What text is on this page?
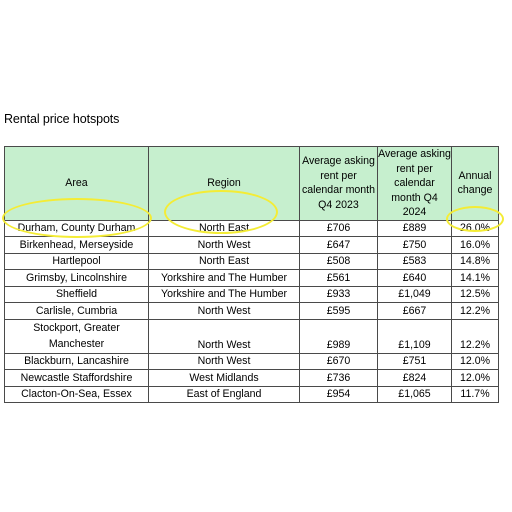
Rental price hotspots
Area	Region	Average asking rent per calendar month Q4 2023	Average asking rent per calendar month Q4 2024	Annual change

Durham, County Durham	North East	£706	£889	26.0%
Birkenhead, Merseyside	North West	£647	£750	16.0%
Hartlepool	North East	£508	£583	14.8%
Grimsby, Lincolnshire	Yorkshire and The Humber	£561	£640	14.1%
Sheffield	Yorkshire and The Humber	£933	£1,049	12.5%
Carlisle, Cumbria	North West	£595	£667	12.2%
Stockport, Greater Manchester	North West	£989	£1,109	12.2%
Blackburn, Lancashire	North West	£670	£751	12.0%
Newcastle Staffordshire	West Midlands	£736	£824	12.0%
Clacton-On-Sea, Essex	East of England	£954	£1,065	11.7%
